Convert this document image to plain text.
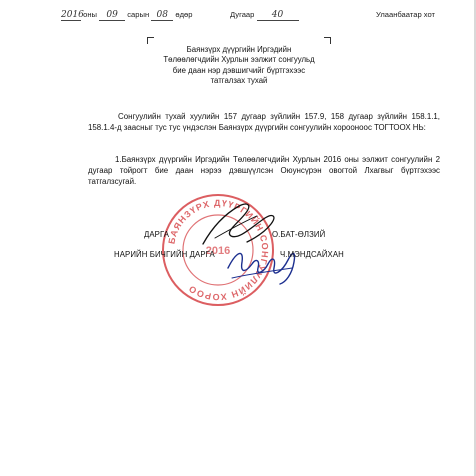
2016 оны 09 сарын 08 өдөр	Дугаар 40	Улаанбаатар хот
Баянзүрх дүүргийн Иргэдийн
Төлөөлөгчдийн Хурлын ээлжит сонгуульд
бие даан нэр дэвшигчийг бүртгэхээс
татгалзах тухай
Сонгуулийн тухай хуулийн 157 дугаар зүйлийн 157.9, 158 дугаар зүйлийн 158.1.1, 158.1.4-д заасныг тус тус үндэслэн Баянзүрх дүүргийн сонгуулийн хорооноос ТОГТООХ НЬ:
1.Баянзүрх дүүргийн Иргэдийн Төлөөлөгчдийн Хурлын 2016 оны ээлжит сонгуулийн 2 дугаар тойрогт бие даан нэрээ дэвшүүлсэн Оюунсүрэн овогтой Лхагвыг бүртгэхээс татгалзсугай.
БАЯНЗҮРХ ДҮҮРГИЙН СОНГУУЛИЙН ХОРОО
2016
ДАРГА	О.БАТ-ӨЛЗИЙ
НАРИЙН БИЧГИЙН ДАРГА	Ч.МЭНДСАЙХАН
